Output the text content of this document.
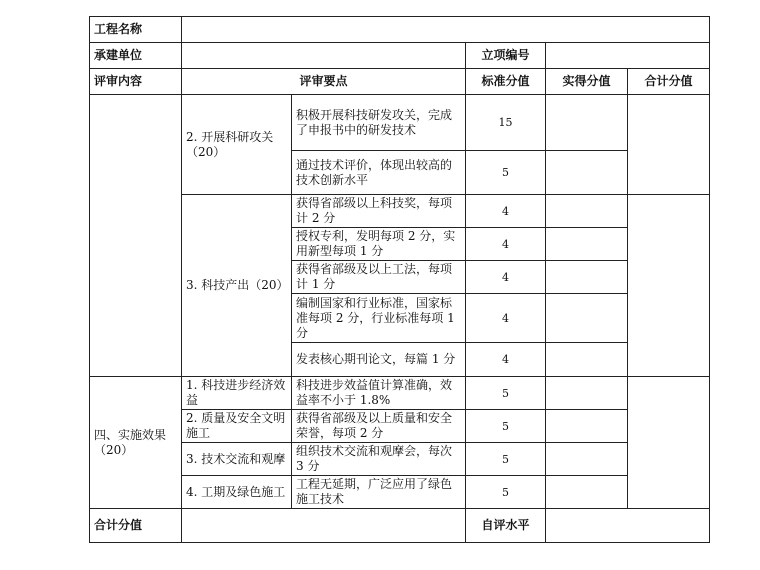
工程名称					
承建单位			立项编号		
评审内容	评审要点		标准分值	实得分值	合计分值
	2. 开展科研攻关（20）	积极开展科技研发攻关，完成了申报书中的研发技术	15		
		通过技术评价，体现出较高的技术创新水平	5		
	3. 科技产出（20）	获得省部级以上科技奖，每项计 2 分	4		
		授权专利，发明每项 2 分，实用新型每项 1 分	4		
		获得省部级及以上工法，每项计 1 分	4		
		编制国家和行业标准，国家标准每项 2 分，行业标准每项 1 分	4		
		发表核心期刊论文，每篇 1 分	4		
四、实施效果（20）	1. 科技进步经济效益	科技进步效益值计算准确，效益率不小于 1.8%	5		
	2. 质量及安全文明施工	获得省部级及以上质量和安全荣誉，每项 2 分	5		
	3. 技术交流和观摩	组织技术交流和观摩会，每次 3 分	5		
	4. 工期及绿色施工	工程无延期，广泛应用了绿色施工技术	5		
合计分值			自评水平		
